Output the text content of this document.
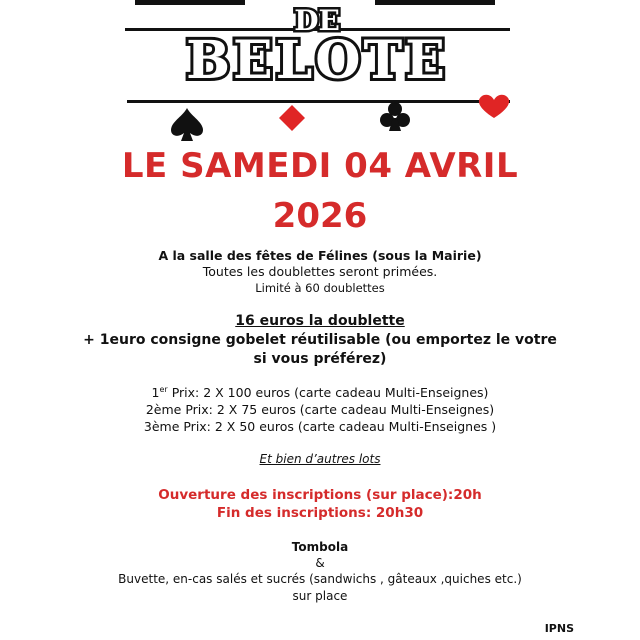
DE
BELOTE
LE SAMEDI 04 AVRIL
2026
A la salle des fêtes de Félines (sous la Mairie)
Toutes les doublettes seront primées.
Limité à 60 doublettes
16 euros la doublette
+ 1euro consigne gobelet réutilisable (ou emportez le votre si vous préférez)
1er Prix: 2 X 100 euros (carte cadeau Multi-Enseignes)
2ème Prix: 2 X 75 euros (carte cadeau Multi-Enseignes)
3ème Prix: 2 X 50 euros (carte cadeau Multi-Enseignes )
Et bien d’autres lots
Ouverture des inscriptions (sur place):20h
Fin des inscriptions: 20h30
Tombola
&
Buvette, en-cas salés et sucrés (sandwichs , gâteaux ,quiches etc.)
sur place
IPNS
